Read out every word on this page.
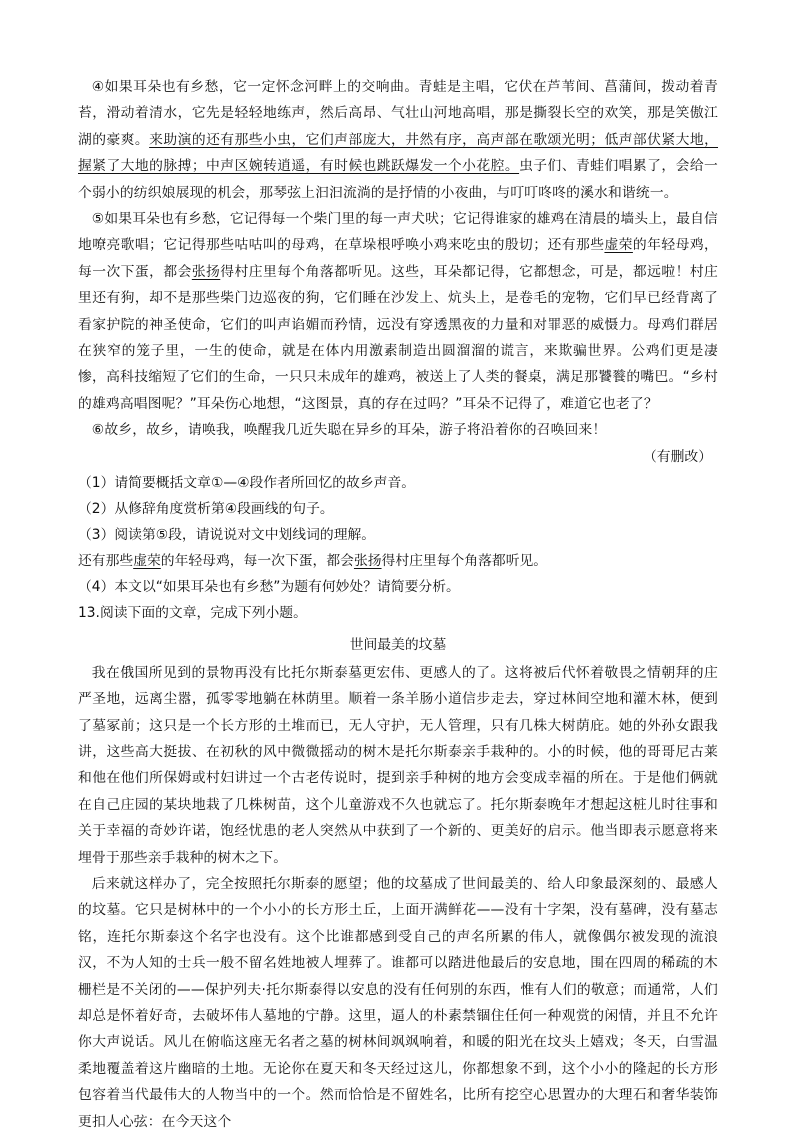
④如果耳朵也有乡愁，它一定怀念河畔上的交响曲。青蛙是主唱，它伏在芦苇间、菖蒲间，拨动着青苔，滑动着清水，它先是轻轻地练声，然后高昂、气壮山河地高唱，那是撕裂长空的欢笑，那是笑傲江湖的豪爽。来助演的还有那些小虫，它们声部庞大，井然有序，高声部在歌颂光明；低声部伏紧大地，握紧了大地的脉搏；中声区婉转逍遥，有时候也跳跃爆发一个小花腔。虫子们、青蛙们唱累了，会给一个弱小的纺织娘展现的机会，那琴弦上汩汩流淌的是抒情的小夜曲，与叮叮咚咚的溪水和谐统一。

⑤如果耳朵也有乡愁，它记得每一个柴门里的每一声犬吠；它记得谁家的雄鸡在清晨的墙头上，最自信地嘹亮歌唱；它记得那些咕咕叫的母鸡，在草垛根呼唤小鸡来吃虫的殷切；还有那些虚荣的年轻母鸡，每一次下蛋，都会张扬得村庄里每个角落都听见。这些，耳朵都记得，它都想念，可是，都远啦！村庄里还有狗，却不是那些柴门边巡夜的狗，它们睡在沙发上、炕头上，是卷毛的宠物，它们早已经背离了看家护院的神圣使命，它们的叫声谄媚而矜情，远没有穿透黑夜的力量和对罪恶的威慑力。母鸡们群居在狭窄的笼子里，一生的使命，就是在体内用激素制造出圆溜溜的谎言，来欺骗世界。公鸡们更是凄惨，高科技缩短了它们的生命，一只只未成年的雄鸡，被送上了人类的餐桌，满足那饕餮的嘴巴。“乡村的雄鸡高唱图呢？”耳朵伤心地想，“这图景，真的存在过吗？”耳朵不记得了，难道它也老了？

⑥故乡，故乡，请唤我，唤醒我几近失聪在异乡的耳朵，游子将沿着你的召唤回来！

（有删改）

（1）请简要概括文章①—④段作者所回忆的故乡声音。

（2）从修辞角度赏析第④段画线的句子。

（3）阅读第⑤段，请说说对文中划线词的理解。

还有那些虚荣的年轻母鸡，每一次下蛋，都会张扬得村庄里每个角落都听见。

（4）本文以“如果耳朵也有乡愁”为题有何妙处？请简要分析。

13.阅读下面的文章，完成下列小题。

世间最美的坟墓

我在俄国所见到的景物再没有比托尔斯泰墓更宏伟、更感人的了。这将被后代怀着敬畏之情朝拜的庄严圣地，远离尘嚣，孤零零地躺在林荫里。顺着一条羊肠小道信步走去，穿过林间空地和灌木林，便到了墓冢前；这只是一个长方形的土堆而已，无人守护，无人管理，只有几株大树荫庇。她的外孙女跟我讲，这些高大挺拔、在初秋的风中微微摇动的树木是托尔斯泰亲手栽种的。小的时候，他的哥哥尼古莱和他在他们所保姆或村妇讲过一个古老传说时，提到亲手种树的地方会变成幸福的所在。于是他们俩就在自己庄园的某块地栽了几株树苗，这个儿童游戏不久也就忘了。托尔斯泰晚年才想起这桩儿时往事和关于幸福的奇妙许诺，饱经忧患的老人突然从中获到了一个新的、更美好的启示。他当即表示愿意将来埋骨于那些亲手栽种的树木之下。

后来就这样办了，完全按照托尔斯泰的愿望；他的坟墓成了世间最美的、给人印象最深刻的、最感人的坟墓。它只是树林中的一个小小的长方形土丘，上面开满鲜花——没有十字架，没有墓碑，没有墓志铭，连托尔斯泰这个名字也没有。这个比谁都感到受自己的声名所累的伟人，就像偶尔被发现的流浪汉，不为人知的士兵一般不留名姓地被人埋葬了。谁都可以踏进他最后的安息地，围在四周的稀疏的木栅栏是不关闭的——保护列夫·托尔斯泰得以安息的没有任何别的东西，惟有人们的敬意；而通常，人们却总是怀着好奇，去破坏伟人墓地的宁静。这里，逼人的朴素禁锢住任何一种观赏的闲情，并且不允许你大声说话。风儿在俯临这座无名者之墓的树林间飒飒响着，和暖的阳光在坟头上嬉戏；冬天，白雪温柔地覆盖着这片幽暗的土地。无论你在夏天和冬天经过这儿，你都想象不到，这个小小的隆起的长方形包容着当代最伟大的人物当中的一个。然而恰恰是不留姓名，比所有挖空心思置办的大理石和奢华装饰更扣人心弦：在今天这个
